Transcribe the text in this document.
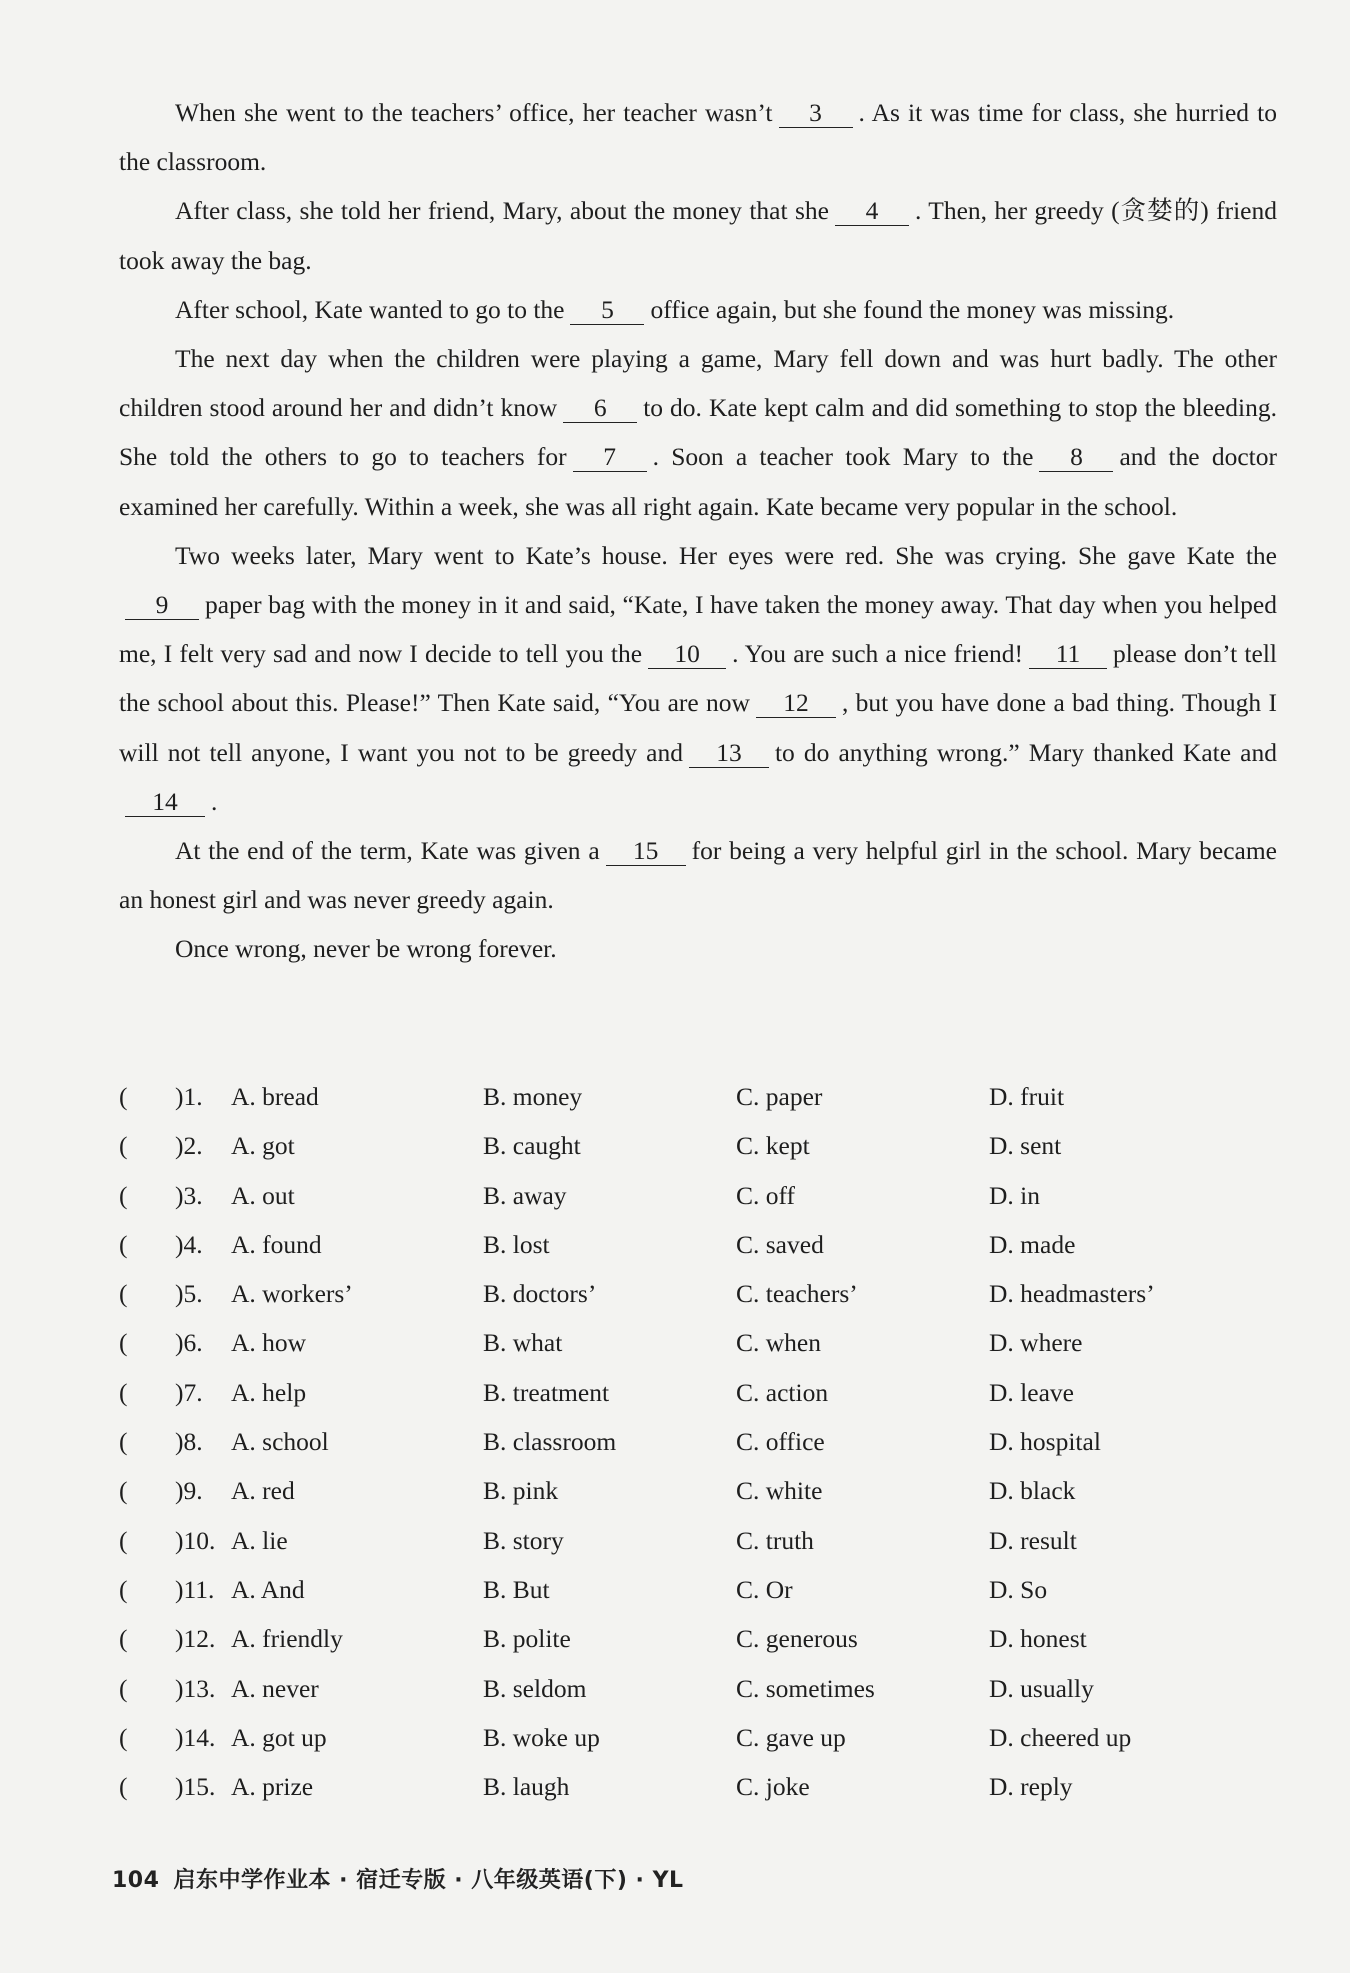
When she went to the teachers’ office, her teacher wasn’t 3 . As it was time for class, she hurried to the classroom.

After class, she told her friend, Mary, about the money that she 4 . Then, her greedy (贪婪的) friend took away the bag.

After school, Kate wanted to go to the 5 office again, but she found the money was missing.

The next day when the children were playing a game, Mary fell down and was hurt badly. The other children stood around her and didn’t know 6 to do. Kate kept calm and did something to stop the bleeding. She told the others to go to teachers for 7 . Soon a teacher took Mary to the 8 and the doctor examined her carefully. Within a week, she was all right again. Kate became very popular in the school.

Two weeks later, Mary went to Kate’s house. Her eyes were red. She was crying. She gave Kate the9 paper bag with the money in it and said, “Kate, I have taken the money away. That day when you helped me, I felt very sad and now I decide to tell you the 10 . You are such a nice friend! 11 please don’t tell the school about this. Please!” Then Kate said, “You are now 12 , but you have done a bad thing. Though I will not tell anyone, I want you not to be greedy and 13 to do anything wrong.” Mary thanked Kate and14 .

At the end of the term, Kate was given a 15 for being a very helpful girl in the school. Mary became an honest girl and was never greedy again.

Once wrong, never be wrong forever.

( )1. A. bread	B. money	C. paper	D. fruit
( )2. A. got	B. caught	C. kept	D. sent
( )3. A. out	B. away	C. off	D. in
( )4. A. found	B. lost	C. saved	D. made
( )5. A. workers’	B. doctors’	C. teachers’	D. headmasters’
( )6. A. how	B. what	C. when	D. where
( )7. A. help	B. treatment	C. action	D. leave
( )8. A. school	B. classroom	C. office	D. hospital
( )9. A. red	B. pink	C. white	D. black
( )10. A. lie	B. story	C. truth	D. result
( )11. A. And	B. But	C. Or	D. So
( )12. A. friendly	B. polite	C. generous	D. honest
( )13. A. never	B. seldom	C. sometimes	D. usually
( )14. A. got up	B. woke up	C. gave up	D. cheered up
( )15. A. prize	B. laugh	C. joke	D. reply
104 启东中学作业本 · 宿迁专版 · 八年级英语(下) · YL
